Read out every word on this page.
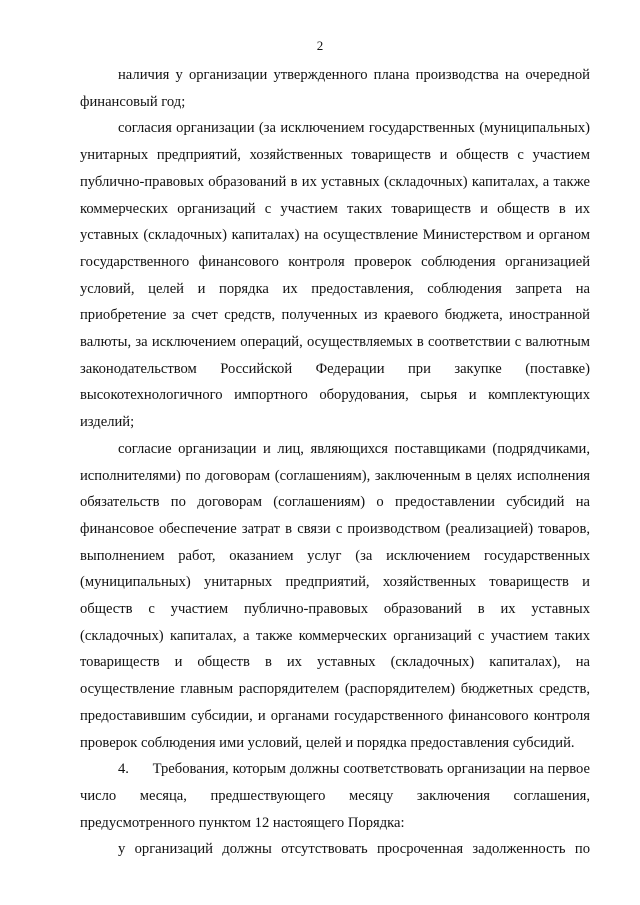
2

наличия у организации утвержденного плана производства на очередной финансовый год;

согласия организации (за исключением государственных (муниципальных) унитарных предприятий, хозяйственных товариществ и обществ с участием публично-правовых образований в их уставных (складочных) капиталах, а также коммерческих организаций с участием таких товариществ и обществ в их уставных (складочных) капиталах) на осуществление Министерством и органом государственного финансового контроля проверок соблюдения организацией условий, целей и порядка их предоставления, соблюдения запрета на приобретение за счет средств, полученных из краевого бюджета, иностранной валюты, за исключением операций, осуществляемых в соответствии с валютным законодательством Российской Федерации при закупке (поставке) высокотехнологичного импортного оборудования, сырья и комплектующих изделий;

согласие организации и лиц, являющихся поставщиками (подрядчиками, исполнителями) по договорам (соглашениям), заключенным в целях исполнения обязательств по договорам (соглашениям) о предоставлении субсидий на финансовое обеспечение затрат в связи с производством (реализацией) товаров, выполнением работ, оказанием услуг (за исключением государственных (муниципальных) унитарных предприятий, хозяйственных товариществ и обществ с участием публично-правовых образований в их уставных (складочных) капиталах, а также коммерческих организаций с участием таких товариществ и обществ в их уставных (складочных) капиталах), на осуществление главным распорядителем (распорядителем) бюджетных средств, предоставившим субсидии, и органами государственного финансового контроля проверок соблюдения ими условий, целей и порядка предоставления субсидий.

4.      Требования, которым должны соответствовать организации на первое число месяца, предшествующего месяцу заключения соглашения, предусмотренного пунктом 12 настоящего Порядка:

у организаций должны отсутствовать просроченная задолженность по
